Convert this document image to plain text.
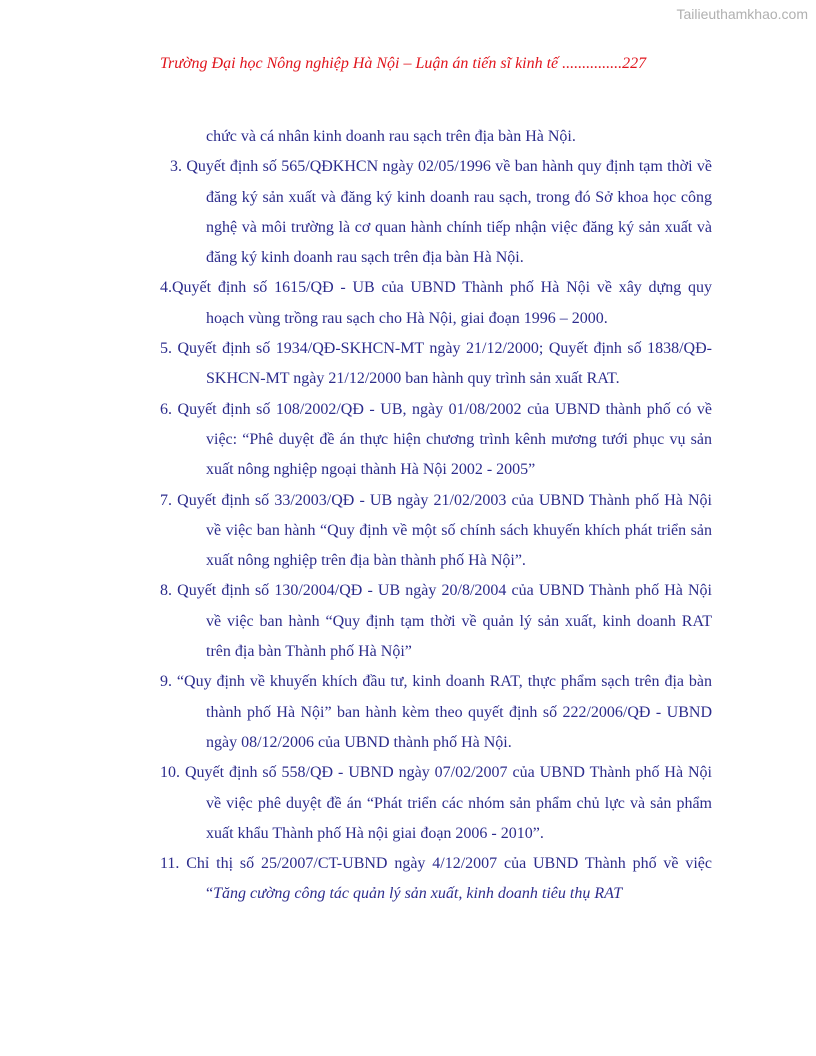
Tailieuthamkhao.com
Trường Đại học Nông nghiệp Hà Nội – Luận án tiến sĩ kinh tế ...............227

chức và cá nhân kinh doanh rau sạch trên địa bàn Hà Nội.

3. Quyết định số 565/QĐKHCN ngày 02/05/1996 về ban hành quy định tạm thời về đăng ký sản xuất và đăng ký kinh doanh rau sạch, trong đó Sở khoa học công nghệ và môi trường là cơ quan hành chính tiếp nhận việc đăng ký sản xuất và đăng ký kinh doanh rau sạch trên địa bàn Hà Nội.

4.Quyết định số 1615/QĐ - UB của UBND Thành phố Hà Nội về xây dựng quy hoạch vùng trồng rau sạch cho Hà Nội, giai đoạn 1996 – 2000.

5. Quyết định số 1934/QĐ-SKHCN-MT ngày 21/12/2000; Quyết định số 1838/QĐ-SKHCN-MT ngày 21/12/2000 ban hành quy trình sản xuất RAT.

6. Quyết định số 108/2002/QĐ - UB, ngày 01/08/2002 của UBND thành phố có về việc: “Phê duyệt đề án thực hiện chương trình kênh mương tưới phục vụ sản xuất nông nghiệp ngoại thành Hà Nội 2002 - 2005”

7. Quyết định số 33/2003/QĐ - UB ngày 21/02/2003 của UBND Thành phố Hà Nội về việc ban hành “Quy định về một số chính sách khuyến khích phát triển sản xuất nông nghiệp trên địa bàn thành phố Hà Nội”.

8. Quyết định số 130/2004/QĐ - UB ngày 20/8/2004 của UBND Thành phố Hà Nội về việc ban hành “Quy định tạm thời về quản lý sản xuất, kinh doanh RAT trên địa bàn Thành phố Hà Nội”

9. “Quy định về khuyến khích đầu tư, kinh doanh RAT, thực phẩm sạch trên địa bàn thành phố Hà Nội” ban hành kèm theo quyết định số 222/2006/QĐ - UBND ngày 08/12/2006 của UBND thành phố Hà Nội.

10. Quyết định số 558/QĐ - UBND ngày 07/02/2007 của UBND Thành phố Hà Nội về việc phê duyệt đề án “Phát triển các nhóm sản phẩm chủ lực và sản phẩm xuất khẩu Thành phố Hà nội giai đoạn 2006 - 2010”.

11. Chỉ thị số 25/2007/CT-UBND ngày 4/12/2007 của UBND Thành phố về việc “Tăng cường công tác quản lý sản xuất, kinh doanh tiêu thụ RAT
